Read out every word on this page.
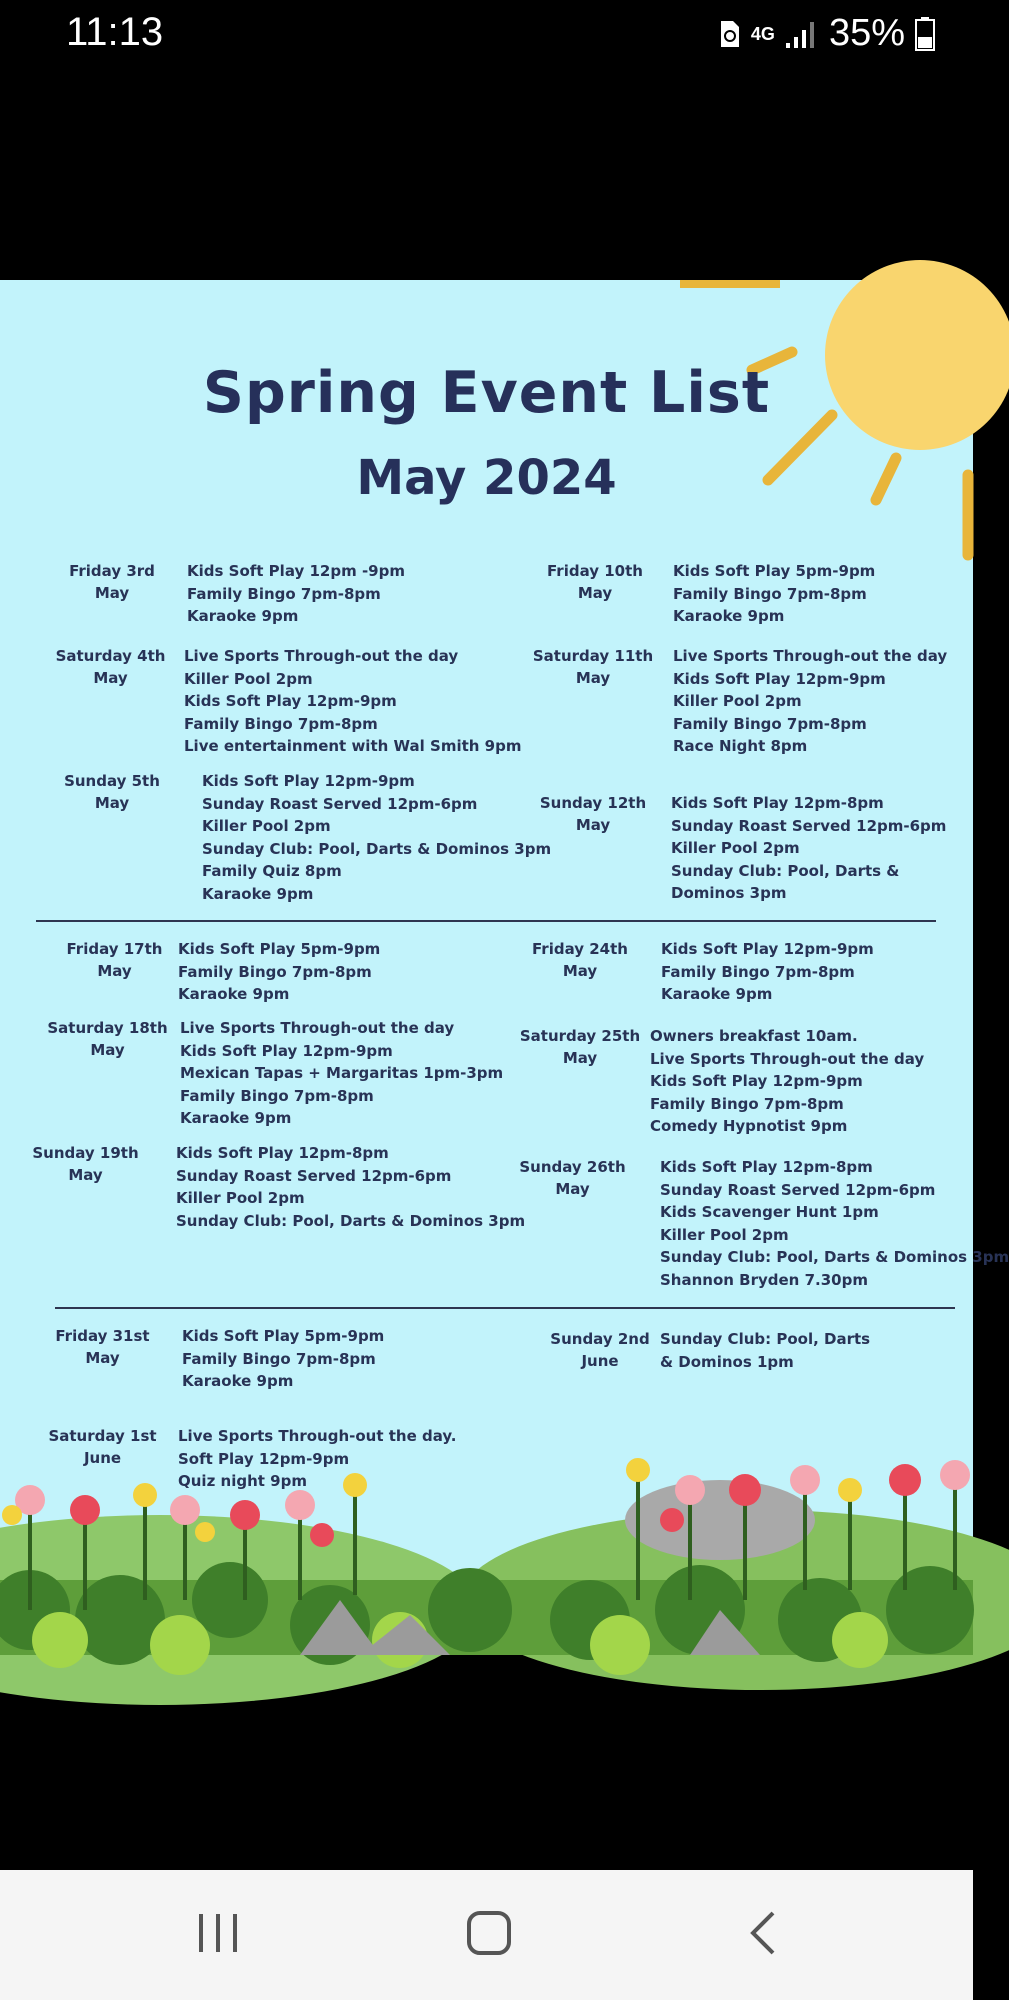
11:13	4G 35%
Spring Event List
May 2024
Friday 3rd
May
Kids Soft Play 12pm -9pm
Family Bingo 7pm-8pm
Karaoke 9pm
Saturday 4th
May
Live Sports Through-out the day
Killer Pool 2pm
Kids Soft Play 12pm-9pm
Family Bingo 7pm-8pm
Live entertainment with Wal Smith 9pm
Sunday 5th
May
Kids Soft Play 12pm-9pm
Sunday Roast Served 12pm-6pm
Killer Pool 2pm
Sunday Club: Pool, Darts & Dominos 3pm
Family Quiz 8pm
Karaoke 9pm
Friday 10th
May
Kids Soft Play 5pm-9pm
Family Bingo 7pm-8pm
Karaoke 9pm
Saturday 11th
May
Live Sports Through-out the day
Kids Soft Play 12pm-9pm
Killer Pool 2pm
Family Bingo 7pm-8pm
Race Night 8pm
Sunday 12th
May
Kids Soft Play 12pm-8pm
Sunday Roast Served 12pm-6pm
Killer Pool 2pm
Sunday Club: Pool, Darts &
Dominos 3pm
Friday 17th
May
Kids Soft Play 5pm-9pm
Family Bingo 7pm-8pm
Karaoke 9pm
Saturday 18th
May
Live Sports Through-out the day
Kids Soft Play 12pm-9pm
Mexican Tapas + Margaritas 1pm-3pm
Family Bingo 7pm-8pm
Karaoke 9pm
Sunday 19th
May
Kids Soft Play 12pm-8pm
Sunday Roast Served 12pm-6pm
Killer Pool 2pm
Sunday Club: Pool, Darts & Dominos 3pm
Friday 24th
May
Kids Soft Play 12pm-9pm
Family Bingo 7pm-8pm
Karaoke 9pm
Saturday 25th
May
Owners breakfast 10am.
Live Sports Through-out the day
Kids Soft Play 12pm-9pm
Family Bingo 7pm-8pm
Comedy Hypnotist 9pm
Sunday 26th
May
Kids Soft Play 12pm-8pm
Sunday Roast Served 12pm-6pm
Kids Scavenger Hunt 1pm
Killer Pool 2pm
Sunday Club: Pool, Darts & Dominos 3pm
Shannon Bryden 7.30pm
Friday 31st
May
Kids Soft Play 5pm-9pm
Family Bingo 7pm-8pm
Karaoke 9pm
Saturday 1st
June
Live Sports Through-out the day.
Soft Play 12pm-9pm
Quiz night 9pm
Sunday 2nd
June
Sunday Club: Pool, Darts
& Dominos 1pm
